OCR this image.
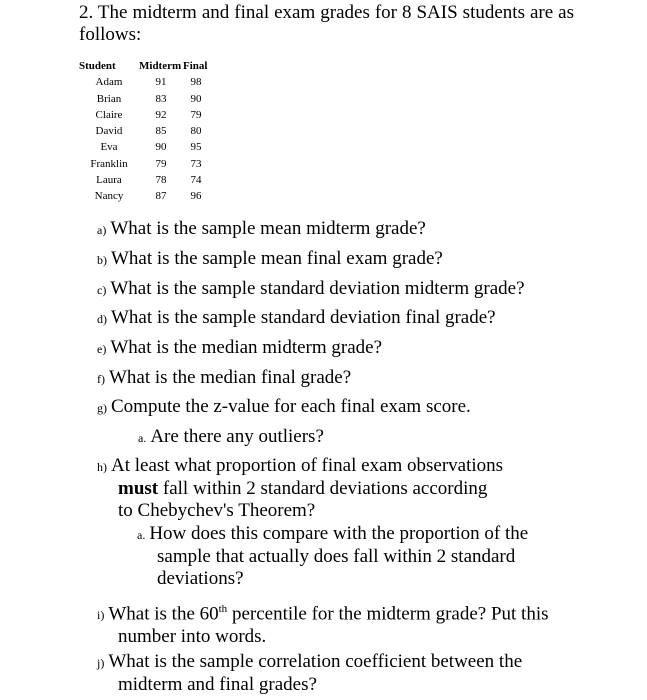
2. The midterm and final exam grades for 8 SAIS students are as follows:
Student	Midterm	Final
Adam	91	98
Brian	83	90
Claire	92	79
David	85	80
Eva	90	95
Franklin	79	73
Laura	78	74
Nancy	87	96
a) What is the sample mean midterm grade?
b) What is the sample mean final exam grade?
c) What is the sample standard deviation midterm grade?
d) What is the sample standard deviation final grade?
e) What is the median midterm grade?
f) What is the median final grade?
g) Compute the z-value for each final exam score.
a. Are there any outliers?
h) At least what proportion of final exam observations
must fall within 2 standard deviations according
to Chebychev's Theorem?
a. How does this compare with the proportion of the
sample that actually does fall within 2 standard
deviations?
i) What is the 60th percentile for the midterm grade? Put this
number into words.
j) What is the sample correlation coefficient between the
midterm and final grades?
